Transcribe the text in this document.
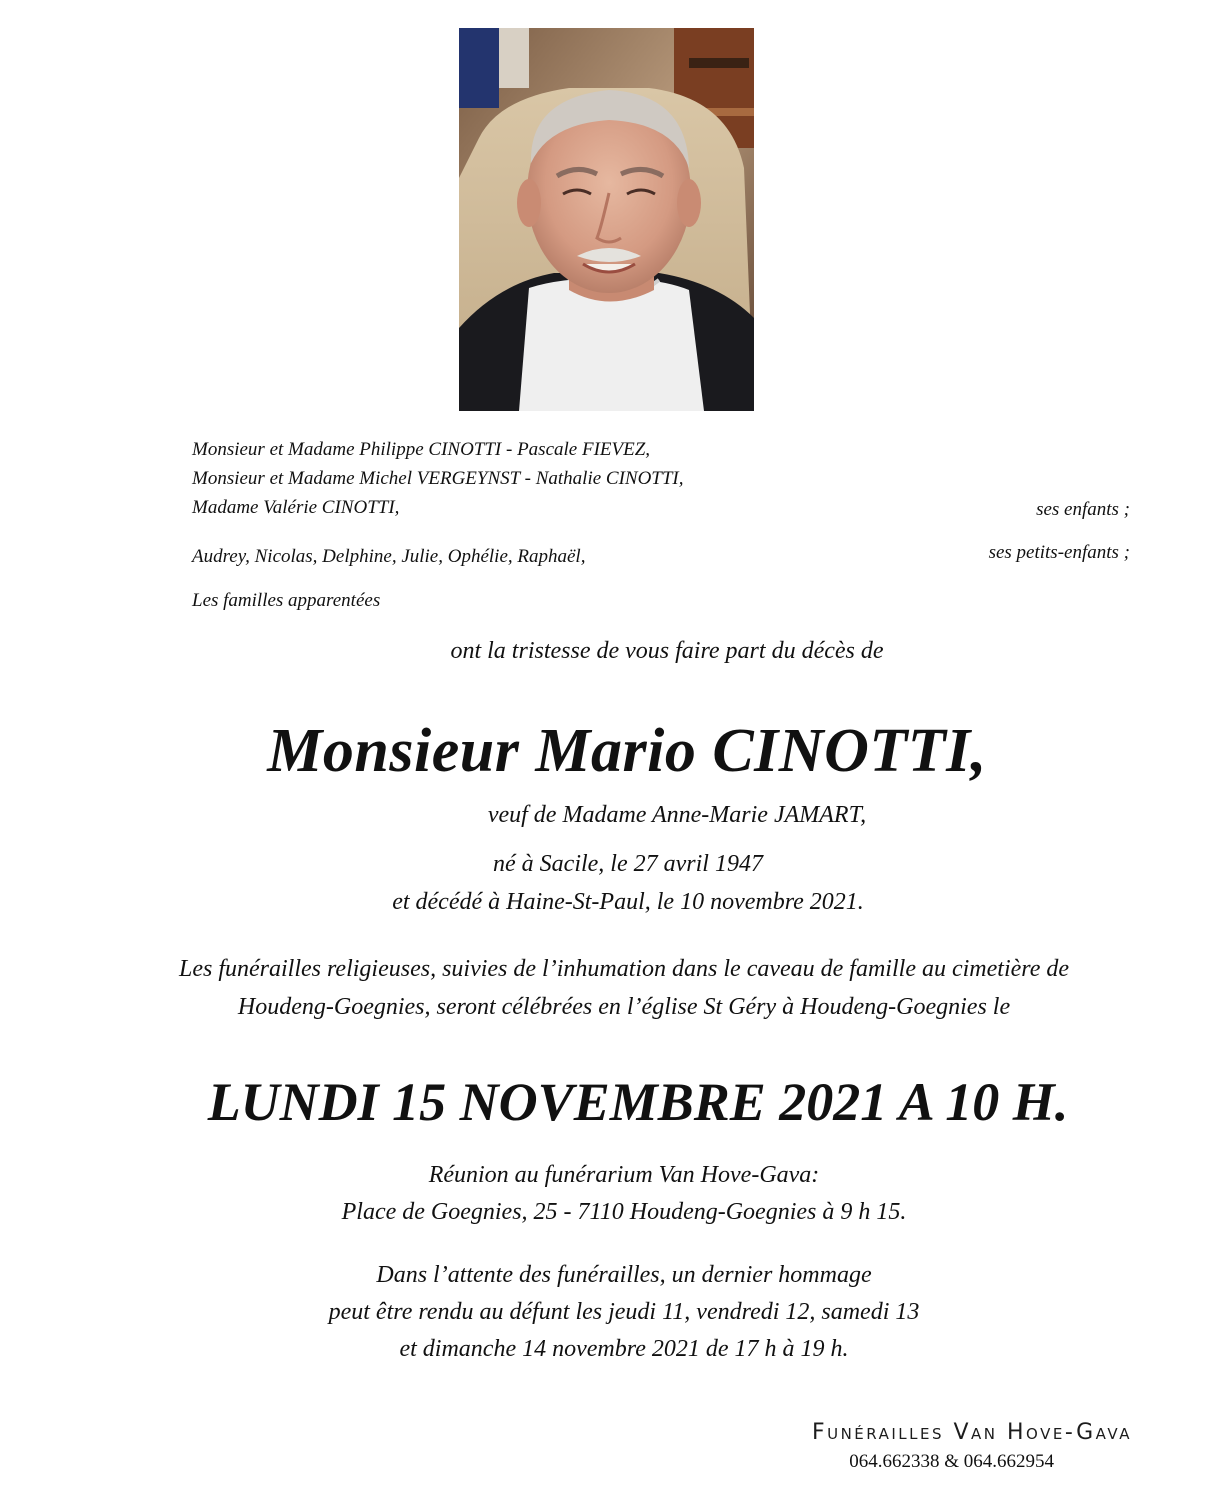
Monsieur et Madame Philippe CINOTTI - Pascale FIEVEZ,
Monsieur et Madame Michel VERGEYNST - Nathalie CINOTTI,
Madame Valérie CINOTTI,	ses enfants ;
Audrey, Nicolas, Delphine, Julie, Ophélie, Raphaël,	ses petits-enfants ;
Les familles apparentées
ont la tristesse de vous faire part du décès de
Monsieur Mario CINOTTI,
veuf de Madame Anne-Marie JAMART,
né à Sacile, le 27 avril 1947
et décédé à Haine-St-Paul, le 10 novembre 2021.
Les funérailles religieuses, suivies de l’inhumation dans le caveau de famille au cimetière de
Houdeng-Goegnies, seront célébrées en l’église St Géry à Houdeng-Goegnies le
LUNDI 15 NOVEMBRE 2021 A 10 H.
Réunion au funérarium Van Hove-Gava:
Place de Goegnies, 25 - 7110 Houdeng-Goegnies à 9 h 15.
Dans l’attente des funérailles, un dernier hommage
peut être rendu au défunt les jeudi 11, vendredi 12, samedi 13
et dimanche 14 novembre 2021 de 17 h à 19 h.
Funérailles Van Hove-Gava
064.662338 & 064.662954
